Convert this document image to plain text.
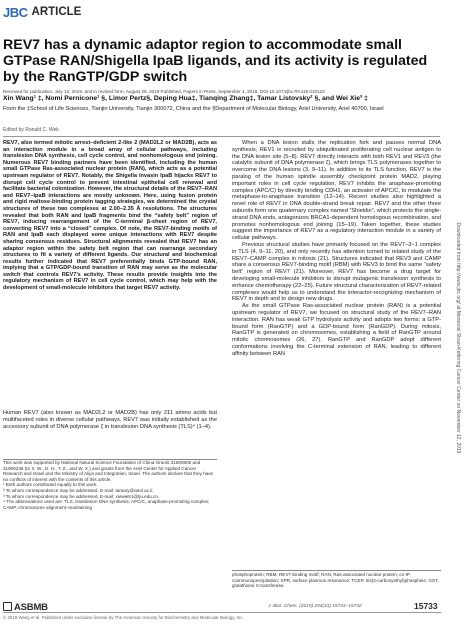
JBC ARTICLE
REV7 has a dynamic adaptor region to accommodate small GTPase RAN/Shigella IpaB ligands, and its activity is regulated by the RanGTP/GDP switch
Received for publication, July 12, 2019, and in revised form, August 29, 2019 Published, Papers in Press, September 4, 2019, DOI 10.1074/jbc.RA119.010123
Xin Wang¹ ‡, Nomi Pernicone¹ §, Limor Pertz§, Deping Hua‡, Tianqing Zhang‡, Tamar Listovsky² §, and Wei Xie³ ‡
From the ‡School of Life Sciences, Tianjin University, Tianjin 300072, China and the §Department of Molecular Biology, Ariel University, Ariel 40700, Israel
Edited by Ronald C. Wek
REV7, also termed mitotic arrest–deficient 2-like 2 (MAD2L2 or MAD2B), acts as an interaction module in a broad array of cellular pathways, including translesion DNA synthesis, cell cycle control, and nonhomologous end joining. Numerous REV7 binding partners have been identified, including the human small GTPase Ras-associated nuclear protein (RAN), which acts as a potential upstream regulator of REV7. Notably, the Shigella invasin IpaB hijacks REV7 to disrupt cell cycle control to prevent intestinal epithelial cell renewal and facilitate bacterial colonization. However, the structural details of the REV7–RAN and REV7–IpaB interactions are mostly unknown. Here, using fusion protein and rigid maltose-binding protein tagging strategies, we determined the crystal structures of these two complexes at 2.00–2.35 Å resolutions. The structures revealed that both RAN and IpaB fragments bind the “safety belt” region of REV7, inducing rearrangement of the C-terminal β-sheet region of REV7, converting REV7 into a “closed” complex. Of note, the REV7-binding motifs of RAN and IpaB each displayed some unique interactions with REV7 despite sharing consensus residues. Structural alignments revealed that REV7 has an adaptor region within the safety belt region that can rearrange secondary structures to fit a variety of different ligands. Our structural and biochemical results further indicated that REV7 preferentially binds GTP-bound RAN, implying that a GTP/GDP-bound transition of RAN may serve as the molecular switch that controls REV7’s activity. These results provide insights into the regulatory mechanism of REV7 in cell cycle control, which may help with the development of small-molecule inhibitors that target REV7 activity.
Human REV7 (also known as MAD2L2 or MAD2B) has only 211 amino acids but multifaceted roles in diverse cellular pathways. REV7 was initially established as the accessory subunit of DNA polymerase ζ in translesion DNA synthesis (TLS)⁴ (1–4).
This work was supported by National Natural Science Foundation of China Grants 31600605 and 31900236 (to X. W., D. H., T. Z., and W. X.) and grants from the Ariel Center for Applied Cancer Research and Israel and the Ministry of Aliya and Integration, Israel. The authors declare that they have no conflicts of interest with the contents of this article.
¹ Both authors contributed equally to this work.
² To whom correspondence may be addressed. E-mail: tamary@ariel.ac.il.
³ To whom correspondence may be addressed. E-mail: xiewei81@tju.edu.cn.
⁴ The abbreviations used are: TLS, translesion DNA synthesis; APC/C, anaphase-promoting complex; CAMP, chromosome alignment–maintaining

When a DNA lesion stalls the replication fork and pauses normal DNA synthesis, REV1 is recruited by ubiquitinated proliferating cell nuclear antigen to the DNA lesion site (5–8). REV7 directly interacts with both REV1 and REV3 (the catalytic subunit of DNA polymerase ζ), which brings TLS polymerases together to overcome the DNA lesions (3, 9–11). In addition to its TLS function, REV7 is the paralog of the human spindle assembly checkpoint protein MAD2, playing important roles in cell cycle regulation. REV7 inhibits the anaphase-promoting complex (APC/C) by directly binding CDH1, an activator of APC/C, to modulate the metaphase-to-anaphase transition (12–14). Recent studies also highlighted a novel role of REV7 in DNA double-strand break repair. REV7 and the other three subunits form one quaternary complex named “Shieldin”, which protects the single-strand DNA ends, antagonizes BRCA1-dependent homologous recombination, and promotes nonhomologous end joining (15–19). Taken together, these studies suggest the importance of REV7 as a regulatory interaction module in a variety of cellular pathways.

Previous structural studies have primarily focused on the REV7–3–1 complex in TLS (4, 9–11, 20), and only recently has attention turned to related study of the REV7–CAMP complex in mitosis (21). Structures indicated that REV3 and CAMP share a consensus REV7-binding motif (RBM) with REV3 to bind the same “safety belt” region of REV7 (21). Moreover, REV7 has become a drug target for developing small-molecule inhibitors to disrupt mutagenic translesion synthesis to enhance chemotherapy (22–25). Future structural characterization of REV7-related complexes would help us to understand the interactor-recognizing mechanism of REV7 in depth and to design new drugs.

As the small GTPase Ras-associated nuclear protein (RAN) is a potential upstream regulator of REV7, we focused on structural study of the REV7–RAN interaction. RAN has weak GTP hydrolysis activity and adopts two forms: a GTP-bound form (RanGTP) and a GDP-bound form (RanGDP). During mitosis, RanGTP is generated on chromosomes, establishing a field of RanGTP around mitotic chromosomes (26, 27). RanGTP and RanGDP adopt different conformations involving the C-terminal extension of RAN, leading to different affinity between RAN

phosphoprotein; RBM, REV7-binding motif; RAN, Ras-associated nuclear protein; co-IP, coimmunoprecipitation; SPR, surface plasmon resonance; TCEP, tris(2-carboxyethyl)phosphine; GST, glutathione S-transferase.
Downloaded from http://www.jbc.org/ at Memorial Sloan-Kettering Cancer Center on November 12, 2019
ASBMB	J. Biol. Chem. (2019) 294(43) 15733–15742	15733
© 2019 Wang et al. Published under exclusive license by The American Society for Biochemistry and Molecular Biology, Inc.
